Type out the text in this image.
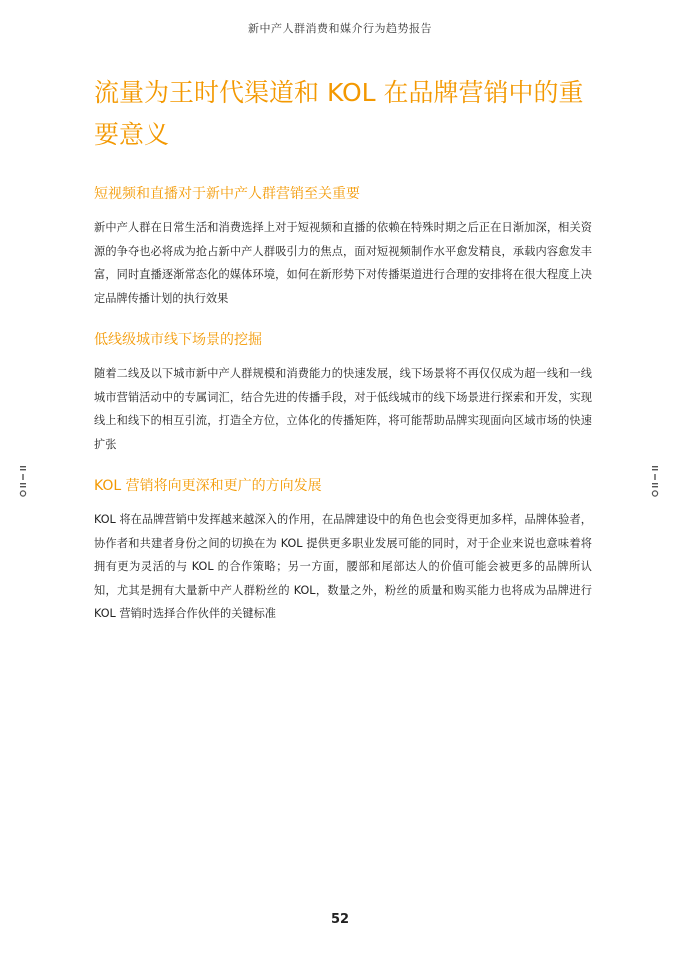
新中产人群消费和媒介行为趋势报告
流量为王时代渠道和 KOL 在品牌营销中的重要意义
短视频和直播对于新中产人群营销至关重要

新中产人群在日常生活和消费选择上对于短视频和直播的依赖在特殊时期之后正在日渐加深，相关资源的争夺也必将成为抢占新中产人群吸引力的焦点，面对短视频制作水平愈发精良，承载内容愈发丰富，同时直播逐渐常态化的媒体环境，如何在新形势下对传播渠道进行合理的安排将在很大程度上决定品牌传播计划的执行效果

低线级城市线下场景的挖掘

随着二线及以下城市新中产人群规模和消费能力的快速发展，线下场景将不再仅仅成为超一线和一线城市营销活动中的专属词汇，结合先进的传播手段，对于低线城市的线下场景进行探索和开发，实现线上和线下的相互引流，打造全方位，立体化的传播矩阵，将可能帮助品牌实现面向区域市场的快速扩张

KOL 营销将向更深和更广的方向发展

KOL 将在品牌营销中发挥越来越深入的作用，在品牌建设中的角色也会变得更加多样，品牌体验者，协作者和共建者身份之间的切换在为 KOL 提供更多职业发展可能的同时，对于企业来说也意味着将拥有更为灵活的与 KOL 的合作策略；另一方面，腰部和尾部达人的价值可能会被更多的品牌所认知，尤其是拥有大量新中产人群粉丝的 KOL，数量之外，粉丝的质量和购买能力也将成为品牌进行 KOL 营销时选择合作伙伴的关键标准

52
